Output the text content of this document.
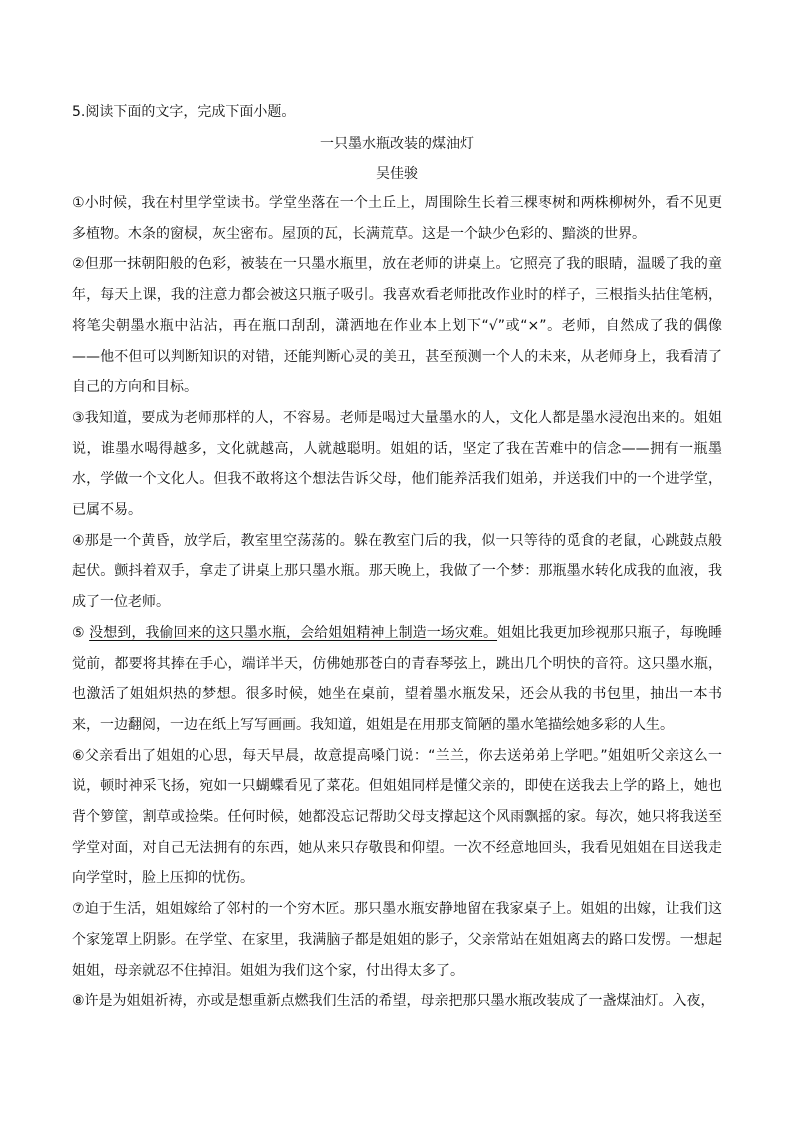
5.阅读下面的文字，完成下面小题。

一只墨水瓶改装的煤油灯

吴佳骏

①小时候，我在村里学堂读书。学堂坐落在一个土丘上，周围除生长着三棵枣树和两株柳树外，看不见更多植物。木条的窗棂，灰尘密布。屋顶的瓦，长满荒草。这是一个缺少色彩的、黯淡的世界。

②但那一抹朝阳般的色彩，被装在一只墨水瓶里，放在老师的讲桌上。它照亮了我的眼睛，温暖了我的童年，每天上课，我的注意力都会被这只瓶子吸引。我喜欢看老师批改作业时的样子，三根指头拈住笔柄，将笔尖朝墨水瓶中沾沾，再在瓶口刮刮，潇洒地在作业本上划下“√”或“×”。老师，自然成了我的偶像——他不但可以判断知识的对错，还能判断心灵的美丑，甚至预测一个人的未来，从老师身上，我看清了自己的方向和目标。

③我知道，要成为老师那样的人，不容易。老师是喝过大量墨水的人，文化人都是墨水浸泡出来的。姐姐说，谁墨水喝得越多，文化就越高，人就越聪明。姐姐的话，坚定了我在苦难中的信念——拥有一瓶墨水，学做一个文化人。但我不敢将这个想法告诉父母，他们能养活我们姐弟，并送我们中的一个进学堂，已属不易。

④那是一个黄昏，放学后，教室里空荡荡的。躲在教室门后的我，似一只等待的觅食的老鼠，心跳鼓点般起伏。颤抖着双手，拿走了讲桌上那只墨水瓶。那天晚上，我做了一个梦：那瓶墨水转化成我的血液，我成了一位老师。

⑤ 没想到，我偷回来的这只墨水瓶，会给姐姐精神上制造一场灾难。姐姐比我更加珍视那只瓶子，每晚睡觉前，都要将其捧在手心，端详半天，仿佛她那苍白的青春琴弦上，跳出几个明快的音符。这只墨水瓶，也激活了姐姐炽热的梦想。很多时候，她坐在桌前，望着墨水瓶发呆，还会从我的书包里，抽出一本书来，一边翻阅，一边在纸上写写画画。我知道，姐姐是在用那支简陋的墨水笔描绘她多彩的人生。

⑥父亲看出了姐姐的心思，每天早晨，故意提高嗓门说：“兰兰，你去送弟弟上学吧。”姐姐听父亲这么一说，顿时神采飞扬，宛如一只蝴蝶看见了菜花。但姐姐同样是懂父亲的，即使在送我去上学的路上，她也背个箩筐，割草或捡柴。任何时候，她都没忘记帮助父母支撑起这个风雨飘摇的家。每次，她只将我送至学堂对面，对自己无法拥有的东西，她从来只存敬畏和仰望。一次不经意地回头，我看见姐姐在目送我走向学堂时，脸上压抑的忧伤。

⑦迫于生活，姐姐嫁给了邻村的一个穷木匠。那只墨水瓶安静地留在我家桌子上。姐姐的出嫁，让我们这个家笼罩上阴影。在学堂、在家里，我满脑子都是姐姐的影子，父亲常站在姐姐离去的路口发愣。一想起姐姐，母亲就忍不住掉泪。姐姐为我们这个家，付出得太多了。

⑧许是为姐姐祈祷，亦或是想重新点燃我们生活的希望，母亲把那只墨水瓶改装成了一盏煤油灯。入夜，
